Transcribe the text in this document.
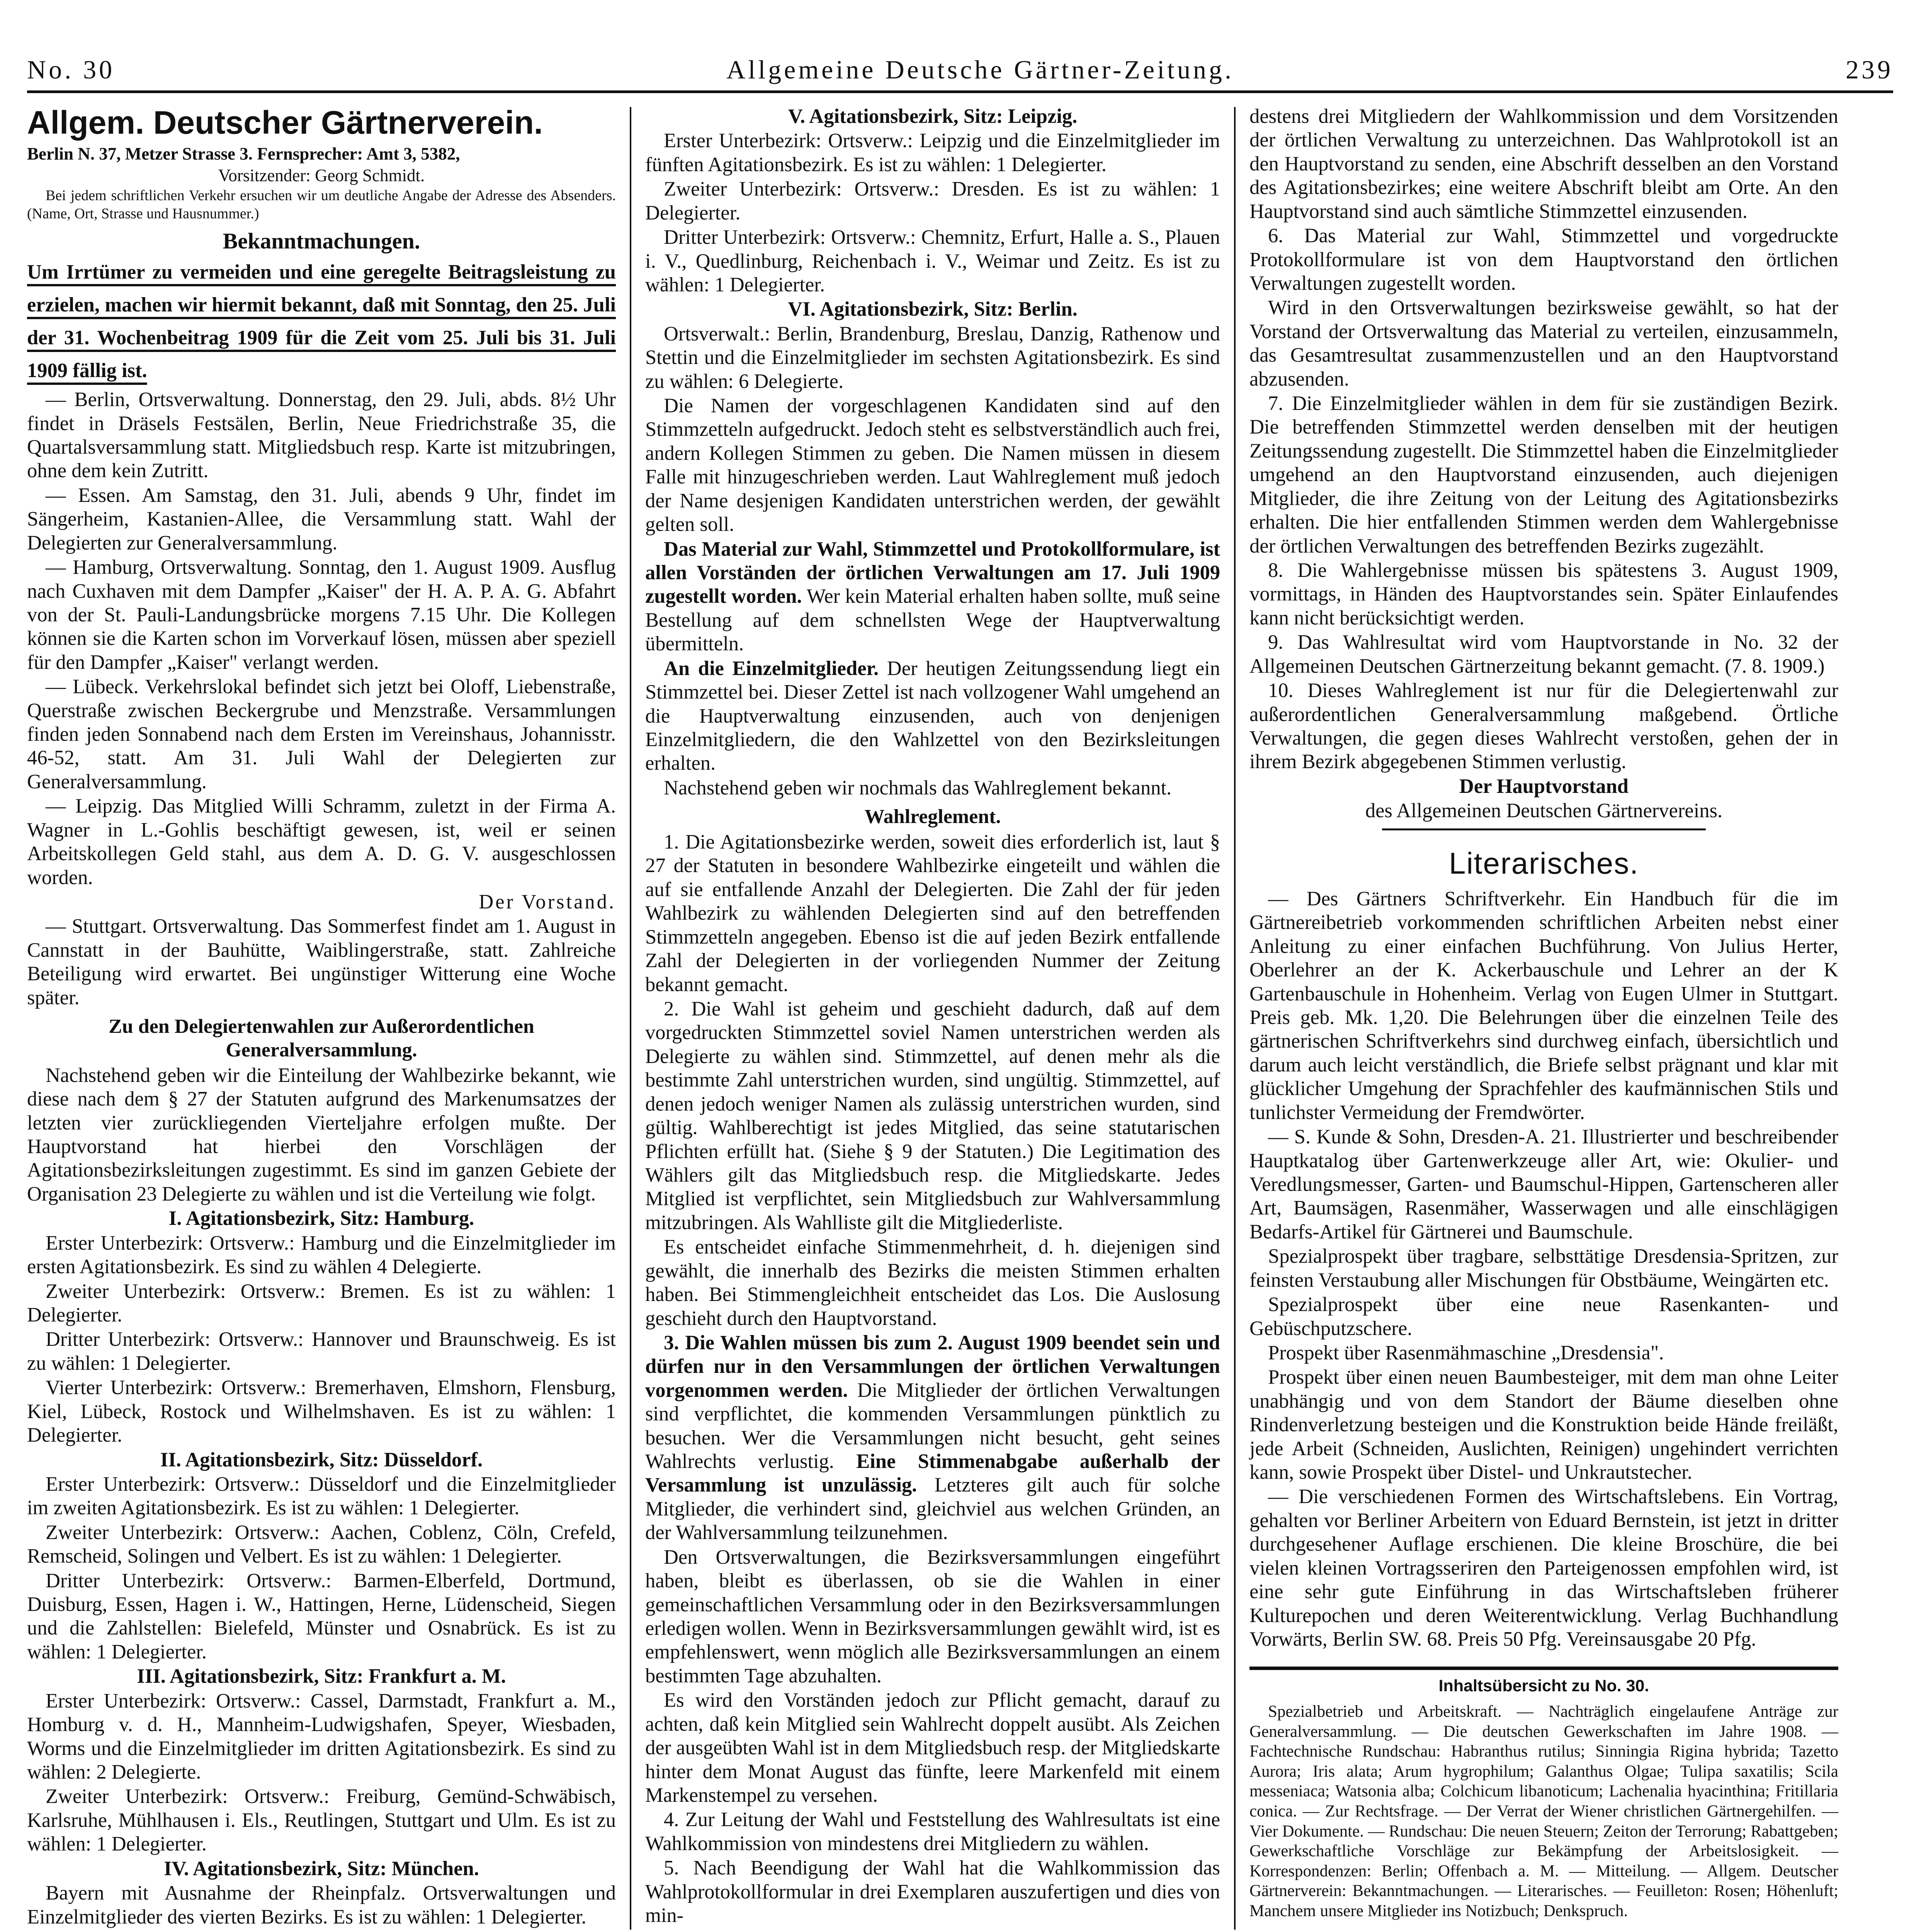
No. 30	Allgemeine Deutsche Gärtner-Zeitung.	239

Allgem. Deutscher Gärtnerverein.

Berlin N. 37, Metzer Strasse 3. Fernsprecher: Amt 3, 5382,

Vorsitzender: Georg Schmidt.

Bei jedem schriftlichen Verkehr ersuchen wir um deutliche Angabe der Adresse des Absenders. (Name, Ort, Strasse und Hausnummer.)

Bekanntmachungen.

Um Irrtümer zu vermeiden und eine geregelte Beitragsleistung zu erzielen, machen wir hiermit bekannt, daß mit Sonntag, den 25. Juli der 31. Wochenbeitrag 1909 für die Zeit vom 25. Juli bis 31. Juli 1909 fällig ist.

— Berlin, Ortsverwaltung. Donnerstag, den 29. Juli, abds. 8½ Uhr findet in Dräsels Festsälen, Berlin, Neue Friedrichstraße 35, die Quartalsversammlung statt. Mitgliedsbuch resp. Karte ist mitzubringen, ohne dem kein Zutritt.

— Essen. Am Samstag, den 31. Juli, abends 9 Uhr, findet im Sängerheim, Kastanien-Allee, die Versammlung statt. Wahl der Delegierten zur Generalversammlung.

— Hamburg, Ortsverwaltung. Sonntag, den 1. August 1909. Ausflug nach Cuxhaven mit dem Dampfer „Kaiser" der H. A. P. A. G. Abfahrt von der St. Pauli-Landungsbrücke morgens 7.15 Uhr. Die Kollegen können sie die Karten schon im Vorverkauf lösen, müssen aber speziell für den Dampfer „Kaiser" verlangt werden.

— Lübeck. Verkehrslokal befindet sich jetzt bei Oloff, Liebenstraße, Querstraße zwischen Beckergrube und Menzstraße. Versammlungen finden jeden Sonnabend nach dem Ersten im Vereinshaus, Johannisstr. 46-52, statt. Am 31. Juli Wahl der Delegierten zur Generalversammlung.

— Leipzig. Das Mitglied Willi Schramm, zuletzt in der Firma A. Wagner in L.-Gohlis beschäftigt gewesen, ist, weil er seinen Arbeitskollegen Geld stahl, aus dem A. D. G. V. ausgeschlossen worden.

Der Vorstand.

— Stuttgart. Ortsverwaltung. Das Sommerfest findet am 1. August in Cannstatt in der Bauhütte, Waiblingerstraße, statt. Zahlreiche Beteiligung wird erwartet. Bei ungünstiger Witterung eine Woche später.

Zu den Delegiertenwahlen zur Außerordentlichen Generalversammlung.

Nachstehend geben wir die Einteilung der Wahlbezirke bekannt, wie diese nach dem § 27 der Statuten aufgrund des Markenumsatzes der letzten vier zurückliegenden Vierteljahre erfolgen mußte. Der Hauptvorstand hat hierbei den Vorschlägen der Agitationsbezirksleitungen zugestimmt. Es sind im ganzen Gebiete der Organisation 23 Delegierte zu wählen und ist die Verteilung wie folgt.

I. Agitationsbezirk, Sitz: Hamburg.

Erster Unterbezirk: Ortsverw.: Hamburg und die Einzelmitglieder im ersten Agitationsbezirk. Es sind zu wählen 4 Delegierte.

Zweiter Unterbezirk: Ortsverw.: Bremen. Es ist zu wählen: 1 Delegierter.

Dritter Unterbezirk: Ortsverw.: Hannover und Braunschweig. Es ist zu wählen: 1 Delegierter.

Vierter Unterbezirk: Ortsverw.: Bremerhaven, Elmshorn, Flensburg, Kiel, Lübeck, Rostock und Wilhelmshaven. Es ist zu wählen: 1 Delegierter.

II. Agitationsbezirk, Sitz: Düsseldorf.

Erster Unterbezirk: Ortsverw.: Düsseldorf und die Einzelmitglieder im zweiten Agitationsbezirk. Es ist zu wählen: 1 Delegierter.

Zweiter Unterbezirk: Ortsverw.: Aachen, Coblenz, Cöln, Crefeld, Remscheid, Solingen und Velbert. Es ist zu wählen: 1 Delegierter.

Dritter Unterbezirk: Ortsverw.: Barmen-Elberfeld, Dortmund, Duisburg, Essen, Hagen i. W., Hattingen, Herne, Lüdenscheid, Siegen und die Zahlstellen: Bielefeld, Münster und Osnabrück. Es ist zu wählen: 1 Delegierter.

III. Agitationsbezirk, Sitz: Frankfurt a. M.

Erster Unterbezirk: Ortsverw.: Cassel, Darmstadt, Frankfurt a. M., Homburg v. d. H., Mannheim-Ludwigshafen, Speyer, Wiesbaden, Worms und die Einzelmitglieder im dritten Agitationsbezirk. Es sind zu wählen: 2 Delegierte.

Zweiter Unterbezirk: Ortsverw.: Freiburg, Gemünd-Schwäbisch, Karlsruhe, Mühlhausen i. Els., Reutlingen, Stuttgart und Ulm. Es ist zu wählen: 1 Delegierter.

IV. Agitationsbezirk, Sitz: München.

Bayern mit Ausnahme der Rheinpfalz. Ortsverwaltungen und Einzelmitglieder des vierten Bezirks. Es ist zu wählen: 1 Delegierter.

V. Agitationsbezirk, Sitz: Leipzig.

Erster Unterbezirk: Ortsverw.: Leipzig und die Einzelmitglieder im fünften Agitationsbezirk. Es ist zu wählen: 1 Delegierter.

Zweiter Unterbezirk: Ortsverw.: Dresden. Es ist zu wählen: 1 Delegierter.

Dritter Unterbezirk: Ortsverw.: Chemnitz, Erfurt, Halle a. S., Plauen i. V., Quedlinburg, Reichenbach i. V., Weimar und Zeitz. Es ist zu wählen: 1 Delegierter.

VI. Agitationsbezirk, Sitz: Berlin.

Ortsverwalt.: Berlin, Brandenburg, Breslau, Danzig, Rathenow und Stettin und die Einzelmitglieder im sechsten Agitationsbezirk. Es sind zu wählen: 6 Delegierte.

Die Namen der vorgeschlagenen Kandidaten sind auf den Stimmzetteln aufgedruckt. Jedoch steht es selbstverständlich auch frei, andern Kollegen Stimmen zu geben. Die Namen müssen in diesem Falle mit hinzugeschrieben werden. Laut Wahlreglement muß jedoch der Name desjenigen Kandidaten unterstrichen werden, der gewählt gelten soll.

Das Material zur Wahl, Stimmzettel und Protokollformulare, ist allen Vorständen der örtlichen Verwaltungen am 17. Juli 1909 zugestellt worden. Wer kein Material erhalten haben sollte, muß seine Bestellung auf dem schnellsten Wege der Hauptverwaltung übermitteln.

An die Einzelmitglieder. Der heutigen Zeitungssendung liegt ein Stimmzettel bei. Dieser Zettel ist nach vollzogener Wahl umgehend an die Hauptverwaltung einzusenden, auch von denjenigen Einzelmitgliedern, die den Wahlzettel von den Bezirksleitungen erhalten.

Nachstehend geben wir nochmals das Wahlreglement bekannt.

Wahlreglement.

1. Die Agitationsbezirke werden, soweit dies erforderlich ist, laut § 27 der Statuten in besondere Wahlbezirke eingeteilt und wählen die auf sie entfallende Anzahl der Delegierten. Die Zahl der für jeden Wahlbezirk zu wählenden Delegierten sind auf den betreffenden Stimmzetteln angegeben. Ebenso ist die auf jeden Bezirk entfallende Zahl der Delegierten in der vorliegenden Nummer der Zeitung bekannt gemacht.

2. Die Wahl ist geheim und geschieht dadurch, daß auf dem vorgedruckten Stimmzettel soviel Namen unterstrichen werden als Delegierte zu wählen sind. Stimmzettel, auf denen mehr als die bestimmte Zahl unterstrichen wurden, sind ungültig. Stimmzettel, auf denen jedoch weniger Namen als zulässig unterstrichen wurden, sind gültig. Wahlberechtigt ist jedes Mitglied, das seine statutarischen Pflichten erfüllt hat. (Siehe § 9 der Statuten.) Die Legitimation des Wählers gilt das Mitgliedsbuch resp. die Mitgliedskarte. Jedes Mitglied ist verpflichtet, sein Mitgliedsbuch zur Wahlversammlung mitzubringen. Als Wahlliste gilt die Mitgliederliste.

Es entscheidet einfache Stimmenmehrheit, d. h. diejenigen sind gewählt, die innerhalb des Bezirks die meisten Stimmen erhalten haben. Bei Stimmengleichheit entscheidet das Los. Die Auslosung geschieht durch den Hauptvorstand.

3. Die Wahlen müssen bis zum 2. August 1909 beendet sein und dürfen nur in den Versammlungen der örtlichen Verwaltungen vorgenommen werden. Die Mitglieder der örtlichen Verwaltungen sind verpflichtet, die kommenden Versammlungen pünktlich zu besuchen. Wer die Versammlungen nicht besucht, geht seines Wahlrechts verlustig. Eine Stimmenabgabe außerhalb der Versammlung ist unzulässig. Letzteres gilt auch für solche Mitglieder, die verhindert sind, gleichviel aus welchen Gründen, an der Wahlversammlung teilzunehmen.

Den Ortsverwaltungen, die Bezirksversammlungen eingeführt haben, bleibt es überlassen, ob sie die Wahlen in einer gemeinschaftlichen Versammlung oder in den Bezirksversammlungen erledigen wollen. Wenn in Bezirksversammlungen gewählt wird, ist es empfehlenswert, wenn möglich alle Bezirksversammlungen an einem bestimmten Tage abzuhalten.

Es wird den Vorständen jedoch zur Pflicht gemacht, darauf zu achten, daß kein Mitglied sein Wahlrecht doppelt ausübt. Als Zeichen der ausgeübten Wahl ist in dem Mitgliedsbuch resp. der Mitgliedskarte hinter dem Monat August das fünfte, leere Markenfeld mit einem Markenstempel zu versehen.

4. Zur Leitung der Wahl und Feststellung des Wahlresultats ist eine Wahlkommission von mindestens drei Mitgliedern zu wählen.

5. Nach Beendigung der Wahl hat die Wahlkommission das Wahlprotokollformular in drei Exemplaren auszufertigen und dies von min-

destens drei Mitgliedern der Wahlkommission und dem Vorsitzenden der örtlichen Verwaltung zu unterzeichnen. Das Wahlprotokoll ist an den Hauptvorstand zu senden, eine Abschrift desselben an den Vorstand des Agitationsbezirkes; eine weitere Abschrift bleibt am Orte. An den Hauptvorstand sind auch sämtliche Stimmzettel einzusenden.

6. Das Material zur Wahl, Stimmzettel und vorgedruckte Protokollformulare ist von dem Hauptvorstand den örtlichen Verwaltungen zugestellt worden.

Wird in den Ortsverwaltungen bezirksweise gewählt, so hat der Vorstand der Ortsverwaltung das Material zu verteilen, einzusammeln, das Gesamtresultat zusammenzustellen und an den Hauptvorstand abzusenden.

7. Die Einzelmitglieder wählen in dem für sie zuständigen Bezirk. Die betreffenden Stimmzettel werden denselben mit der heutigen Zeitungssendung zugestellt. Die Stimmzettel haben die Einzelmitglieder umgehend an den Hauptvorstand einzusenden, auch diejenigen Mitglieder, die ihre Zeitung von der Leitung des Agitationsbezirks erhalten. Die hier entfallenden Stimmen werden dem Wahlergebnisse der örtlichen Verwaltungen des betreffenden Bezirks zugezählt.

8. Die Wahlergebnisse müssen bis spätestens 3. August 1909, vormittags, in Händen des Hauptvorstandes sein. Später Einlaufendes kann nicht berücksichtigt werden.

9. Das Wahlresultat wird vom Hauptvorstande in No. 32 der Allgemeinen Deutschen Gärtnerzeitung bekannt gemacht. (7. 8. 1909.)

10. Dieses Wahlreglement ist nur für die Delegiertenwahl zur außerordentlichen Generalversammlung maßgebend. Örtliche Verwaltungen, die gegen dieses Wahlrecht verstoßen, gehen der in ihrem Bezirk abgegebenen Stimmen verlustig.

Der Hauptvorstand

des Allgemeinen Deutschen Gärtnervereins.

Literarisches.

— Des Gärtners Schriftverkehr. Ein Handbuch für die im Gärtnereibetrieb vorkommenden schriftlichen Arbeiten nebst einer Anleitung zu einer einfachen Buchführung. Von Julius Herter, Oberlehrer an der K. Ackerbauschule und Lehrer an der K Gartenbauschule in Hohenheim. Verlag von Eugen Ulmer in Stuttgart. Preis geb. Mk. 1,20. Die Belehrungen über die einzelnen Teile des gärtnerischen Schriftverkehrs sind durchweg einfach, übersichtlich und darum auch leicht verständlich, die Briefe selbst prägnant und klar mit glücklicher Umgehung der Sprachfehler des kaufmännischen Stils und tunlichster Vermeidung der Fremdwörter.

— S. Kunde & Sohn, Dresden-A. 21. Illustrierter und beschreibender Hauptkatalog über Gartenwerkzeuge aller Art, wie: Okulier- und Veredlungsmesser, Garten- und Baumschul-Hippen, Gartenscheren aller Art, Baumsägen, Rasenmäher, Wasserwagen und alle einschlägigen Bedarfs-Artikel für Gärtnerei und Baumschule.

Spezialprospekt über tragbare, selbsttätige Dresdensia-Spritzen, zur feinsten Verstaubung aller Mischungen für Obstbäume, Weingärten etc.

Spezialprospekt über eine neue Rasenkanten- und Gebüschputzschere.

Prospekt über Rasenmähmaschine „Dresdensia".

Prospekt über einen neuen Baumbesteiger, mit dem man ohne Leiter unabhängig und von dem Standort der Bäume dieselben ohne Rindenverletzung besteigen und die Konstruktion beide Hände freiläßt, jede Arbeit (Schneiden, Auslichten, Reinigen) ungehindert verrichten kann, sowie Prospekt über Distel- und Unkrautstecher.

— Die verschiedenen Formen des Wirtschaftslebens. Ein Vortrag, gehalten vor Berliner Arbeitern von Eduard Bernstein, ist jetzt in dritter durchgesehener Auflage erschienen. Die kleine Broschüre, die bei vielen kleinen Vortragsseriren den Parteigenossen empfohlen wird, ist eine sehr gute Einführung in das Wirtschaftsleben früherer Kulturepochen und deren Weiterentwicklung. Verlag Buchhandlung Vorwärts, Berlin SW. 68. Preis 50 Pfg. Vereinsausgabe 20 Pfg.

Inhaltsübersicht zu No. 30.

Spezialbetrieb und Arbeitskraft. — Nachträglich eingelaufene Anträge zur Generalversammlung. — Die deutschen Gewerkschaften im Jahre 1908. — Fachtechnische Rundschau: Habranthus rutilus; Sinningia Rigina hybrida; Tazetto Aurora; Iris alata; Arum hygrophilum; Galanthus Olgae; Tulipa saxatilis; Scila messeniaca; Watsonia alba; Colchicum libanoticum; Lachenalia hyacinthina; Fritillaria conica. — Zur Rechtsfrage. — Der Verrat der Wiener christlichen Gärtnergehilfen. — Vier Dokumente. — Rundschau: Die neuen Steuern; Zeiton der Terrorung; Rabattgeben; Gewerkschaftliche Vorschläge zur Bekämpfung der Arbeitslosigkeit. — Korrespondenzen: Berlin; Offenbach a. M. — Mitteilung. — Allgem. Deutscher Gärtnerverein: Bekanntmachungen. — Literarisches. — Feuilleton: Rosen; Höhenluft; Manchem unsere Mitglieder ins Notizbuch; Denkspruch.
